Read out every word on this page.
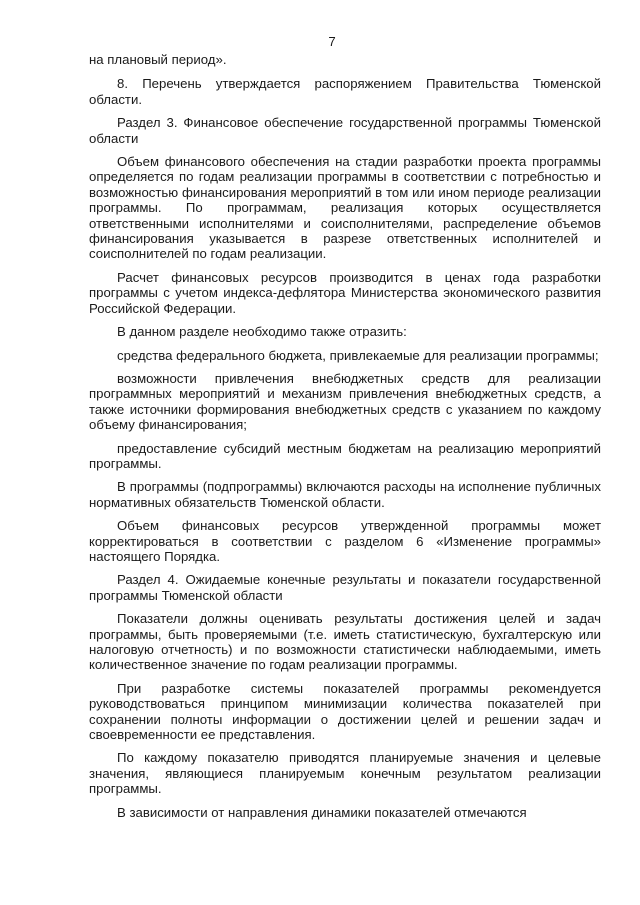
7

на плановый период».

8. Перечень утверждается распоряжением Правительства Тюменской области.

Раздел 3. Финансовое обеспечение государственной программы Тюменской области

Объем финансового обеспечения на стадии разработки проекта программы определяется по годам реализации программы в соответствии с потребностью и возможностью финансирования мероприятий в том или ином периоде реализации программы. По программам, реализация которых осуществляется ответственными исполнителями и соисполнителями, распределение объемов финансирования указывается в разрезе ответственных исполнителей и соисполнителей по годам реализации.

Расчет финансовых ресурсов производится в ценах года разработки программы с учетом индекса-дефлятора Министерства экономического развития Российской Федерации.

В данном разделе необходимо также отразить:

средства федерального бюджета, привлекаемые для реализации программы;

возможности привлечения внебюджетных средств для реализации программных мероприятий и механизм привлечения внебюджетных средств, а также источники формирования внебюджетных средств с указанием по каждому объему финансирования;

предоставление субсидий местным бюджетам на реализацию мероприятий программы.

В программы (подпрограммы) включаются расходы на исполнение публичных нормативных обязательств Тюменской области.

Объем финансовых ресурсов утвержденной программы может корректироваться в соответствии с разделом 6 «Изменение программы» настоящего Порядка.

Раздел 4. Ожидаемые конечные результаты и показатели государственной программы Тюменской области

Показатели должны оценивать результаты достижения целей и задач программы, быть проверяемыми (т.е. иметь статистическую, бухгалтерскую или налоговую отчетность) и по возможности статистически наблюдаемыми, иметь количественное значение по годам реализации программы.

При разработке системы показателей программы рекомендуется руководствоваться принципом минимизации количества показателей при сохранении полноты информации о достижении целей и решении задач и своевременности ее представления.

По каждому показателю приводятся планируемые значения и целевые значения, являющиеся планируемым конечным результатом реализации программы.

В зависимости от направления динамики показателей отмечаются
